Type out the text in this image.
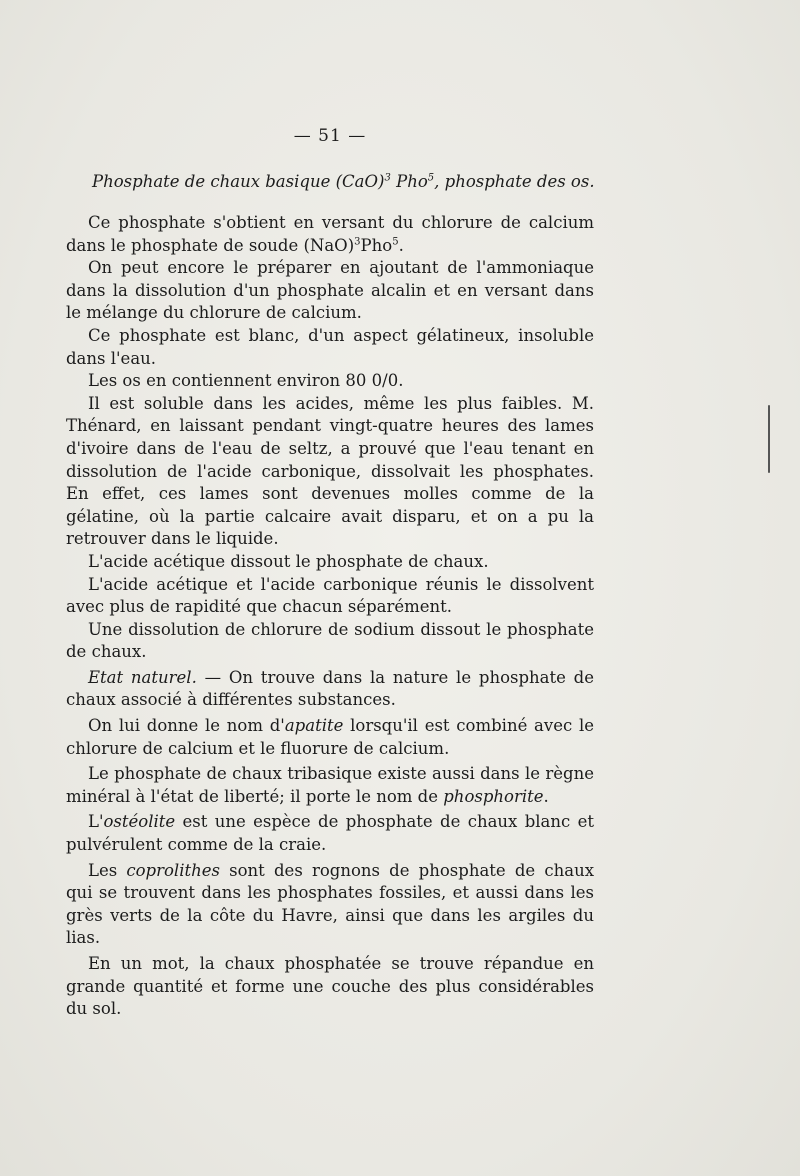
— 51 —
Phosphate de chaux basique (CaO)$^3$ Pho$^5$, phosphate des os.

Ce phosphate s'obtient en versant du chlorure de calcium dans le phosphate de soude (NaO)$^3$Pho$^5$.

On peut encore le préparer en ajoutant de l'ammoniaque dans la dissolution d'un phosphate alcalin et en versant dans le mélange du chlorure de calcium.

Ce phosphate est blanc, d'un aspect gélatineux, insoluble dans l'eau.

Les os en contiennent environ 80 0/0.

Il est soluble dans les acides, même les plus faibles. M. Thénard, en laissant pendant vingt-quatre heures des lames d'ivoire dans de l'eau de seltz, a prouvé que l'eau tenant en dissolution de l'acide carbonique, dissolvait les phosphates. En effet, ces lames sont devenues molles comme de la gélatine, où la partie calcaire avait disparu, et on a pu la retrouver dans le liquide.

L'acide acétique dissout le phosphate de chaux.

L'acide acétique et l'acide carbonique réunis le dissolvent avec plus de rapidité que chacun séparément.

Une dissolution de chlorure de sodium dissout le phosphate de chaux.

Etat naturel. — On trouve dans la nature le phosphate de chaux associé à différentes substances.

On lui donne le nom d'apatite lorsqu'il est combiné avec le chlorure de calcium et le fluorure de calcium.

Le phosphate de chaux tribasique existe aussi dans le règne minéral à l'état de liberté; il porte le nom de phosphorite.

L'ostéolite est une espèce de phosphate de chaux blanc et pulvérulent comme de la craie.

Les coprolithes sont des rognons de phosphate de chaux qui se trouvent dans les phosphates fossiles, et aussi dans les grès verts de la côte du Havre, ainsi que dans les argiles du lias.

En un mot, la chaux phosphatée se trouve répandue en grande quantité et forme une couche des plus considérables du sol.
